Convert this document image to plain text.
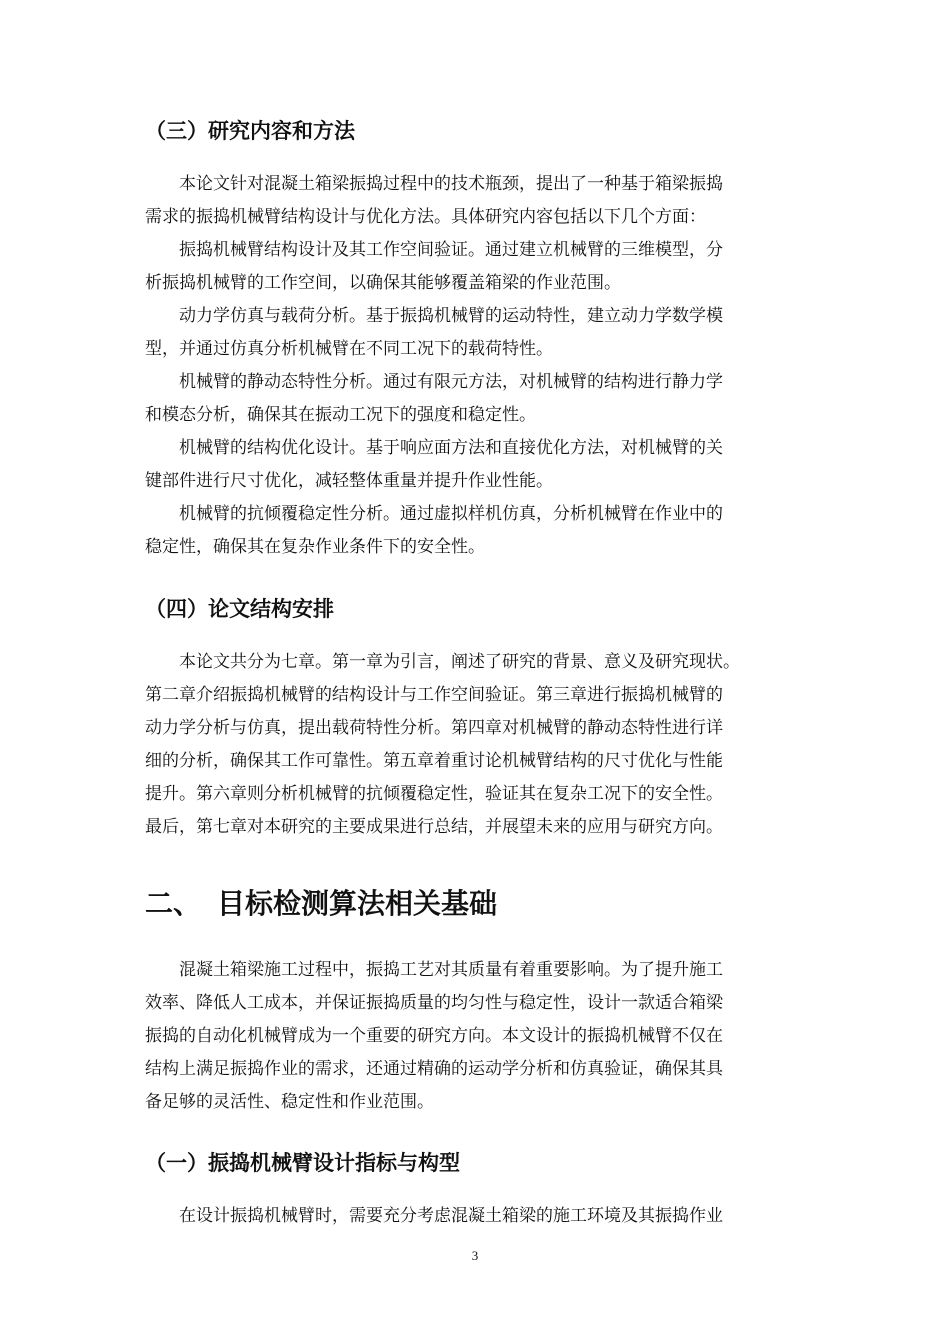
（三）研究内容和方法

本论文针对混凝土箱梁振捣过程中的技术瓶颈，提出了一种基于箱梁振捣

需求的振捣机械臂结构设计与优化方法。具体研究内容包括以下几个方面：

振捣机械臂结构设计及其工作空间验证。通过建立机械臂的三维模型，分

析振捣机械臂的工作空间，以确保其能够覆盖箱梁的作业范围。

动力学仿真与载荷分析。基于振捣机械臂的运动特性，建立动力学数学模

型，并通过仿真分析机械臂在不同工况下的载荷特性。

机械臂的静动态特性分析。通过有限元方法，对机械臂的结构进行静力学

和模态分析，确保其在振动工况下的强度和稳定性。

机械臂的结构优化设计。基于响应面方法和直接优化方法，对机械臂的关

键部件进行尺寸优化，减轻整体重量并提升作业性能。

机械臂的抗倾覆稳定性分析。通过虚拟样机仿真，分析机械臂在作业中的

稳定性，确保其在复杂作业条件下的安全性。

（四）论文结构安排

本论文共分为七章。第一章为引言，阐述了研究的背景、意义及研究现状。

第二章介绍振捣机械臂的结构设计与工作空间验证。第三章进行振捣机械臂的

动力学分析与仿真，提出载荷特性分析。第四章对机械臂的静动态特性进行详

细的分析，确保其工作可靠性。第五章着重讨论机械臂结构的尺寸优化与性能

提升。第六章则分析机械臂的抗倾覆稳定性，验证其在复杂工况下的安全性。

最后，第七章对本研究的主要成果进行总结，并展望未来的应用与研究方向。

二、 目标检测算法相关基础

混凝土箱梁施工过程中，振捣工艺对其质量有着重要影响。为了提升施工

效率、降低人工成本，并保证振捣质量的均匀性与稳定性，设计一款适合箱梁

振捣的自动化机械臂成为一个重要的研究方向。本文设计的振捣机械臂不仅在

结构上满足振捣作业的需求，还通过精确的运动学分析和仿真验证，确保其具

备足够的灵活性、稳定性和作业范围。

（一）振捣机械臂设计指标与构型

在设计振捣机械臂时，需要充分考虑混凝土箱梁的施工环境及其振捣作业

3
